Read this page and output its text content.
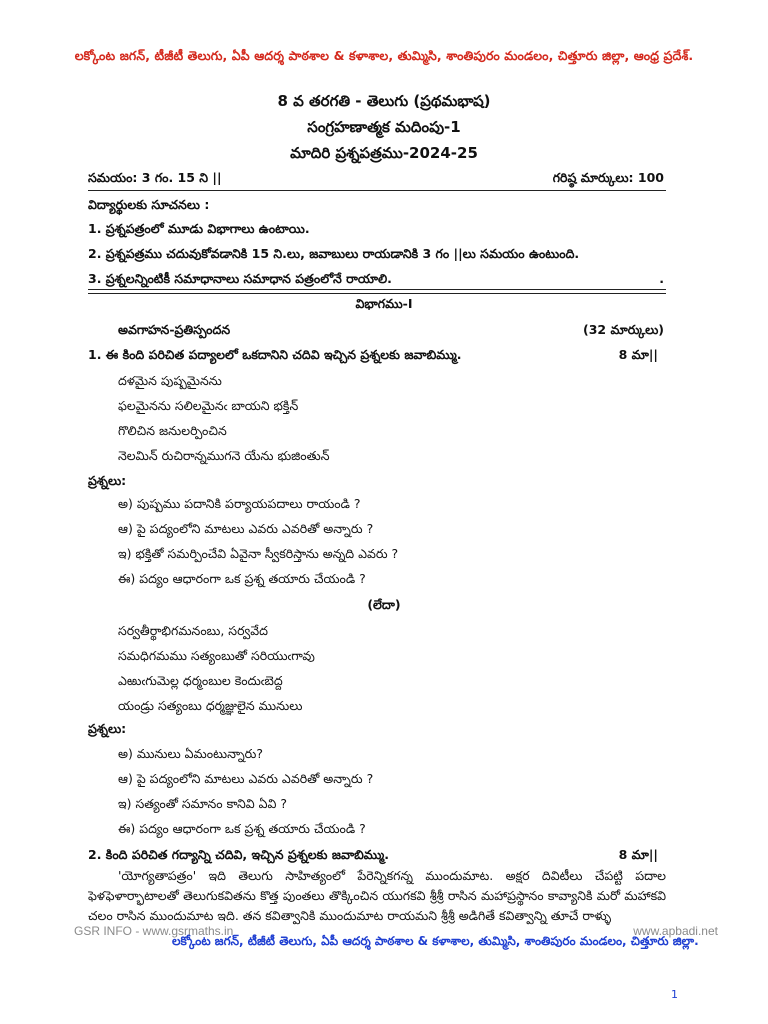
లక్కోంట జగన్, టీజీటీ తెలుగు, ఏపీ ఆదర్శ పాఠశాల & కళాశాల, తుమ్మిసి, శాంతిపురం మండలం, చిత్తూరు జిల్లా, ఆంధ్ర ప్రదేశ్.
8 వ తరగతి - తెలుగు (ప్రథమభాష)
సంగ్రహణాత్మక మదింపు-1
మాదిరి ప్రశ్నపత్రము-2024-25
సమయం: 3 గం. 15 ని ||	గరిష్ఠ మార్కులు: 100
విద్యార్థులకు సూచనలు :
1. ప్రశ్నపత్రంలో మూడు విభాగాలు ఉంటాయి.
2. ప్రశ్నపత్రము చదువుకోవడానికి 15 ని.లు, జవాబులు రాయడానికి 3 గం ||లు సమయం ఉంటుంది.
3. ప్రశ్నలన్నింటికీ సమాధానాలు సమాధాన పత్రంలోనే రాయాలి.	.
విభాగము-I
అవగాహన-ప్రతిస్పందన	(32 మార్కులు)
1. ఈ కింది పరిచిత పద్యాలలో ఒకదానిని చదివి ఇచ్చిన ప్రశ్నలకు జవాబిమ్ము.	8 మా||
దళమైన పుష్పమైనను
ఫలమైనను సలిలమైనఁ బాయని భక్తిన్
గొలిచిన జనులర్పించిన
నెలమిన్ రుచిరాన్నముగనె యేను భుజింతున్
ప్రశ్నలు:
అ) పుష్పము పదానికి పర్యాయపదాలు రాయండి ?
ఆ) పై పద్యంలోని మాటలు ఎవరు ఎవరితో అన్నారు ?
ఇ) భక్తితో సమర్పించేవి ఏవైనా స్వీకరిస్తాను అన్నది ఎవరు ?
ఈ) పద్యం ఆధారంగా ఒక ప్రశ్న తయారు చేయండి ?
(లేదా)
సర్వతీర్థాభిగమనంబు, సర్వవేద
సమధిగమము సత్యంబుతో సరియుఁగావు
ఎఱుఁగుమెల్ల ధర్మంబుల కెందుఁబెద్ద
యండ్రు సత్యంబు ధర్మజ్ఞులైన మునులు
ప్రశ్నలు:
అ) మునులు ఏమంటున్నారు?
ఆ) పై పద్యంలోని మాటలు ఎవరు ఎవరితో అన్నారు ?
ఇ) సత్యంతో సమానం కానివి ఏవి ?
ఈ) పద్యం ఆధారంగా ఒక ప్రశ్న తయారు చేయండి ?
2. కింది పరిచిత గద్యాన్ని చదివి, ఇచ్చిన ప్రశ్నలకు జవాబిమ్ము.	8 మా||
'యోగ్యతాపత్రం' ఇది తెలుగు సాహిత్యంలో పేరెన్నికగన్న ముందుమాట. అక్షర దివిటీలు చేపట్టి పదాల ఫెళఫెళార్భాటాలతో తెలుగుకవితను కొత్త పుంతలు తొక్కించిన యుగకవి శ్రీశ్రీ రాసిన మహాప్రస్థానం కావ్యానికి మరో మహాకవి చలం రాసిన ముందుమాట ఇది. తన కవిత్వానికి ముందుమాట రాయమని శ్రీశ్రీ అడిగితే కవిత్వాన్ని తూచే రాళ్ళు
GSR INFO - www.gsrmaths.in	www.apbadi.net
లక్కోంట జగన్, టీజీటీ తెలుగు, ఏపీ ఆదర్శ పాఠశాల & కళాశాల, తుమ్మిసి, శాంతిపురం మండలం, చిత్తూరు జిల్లా.
1
